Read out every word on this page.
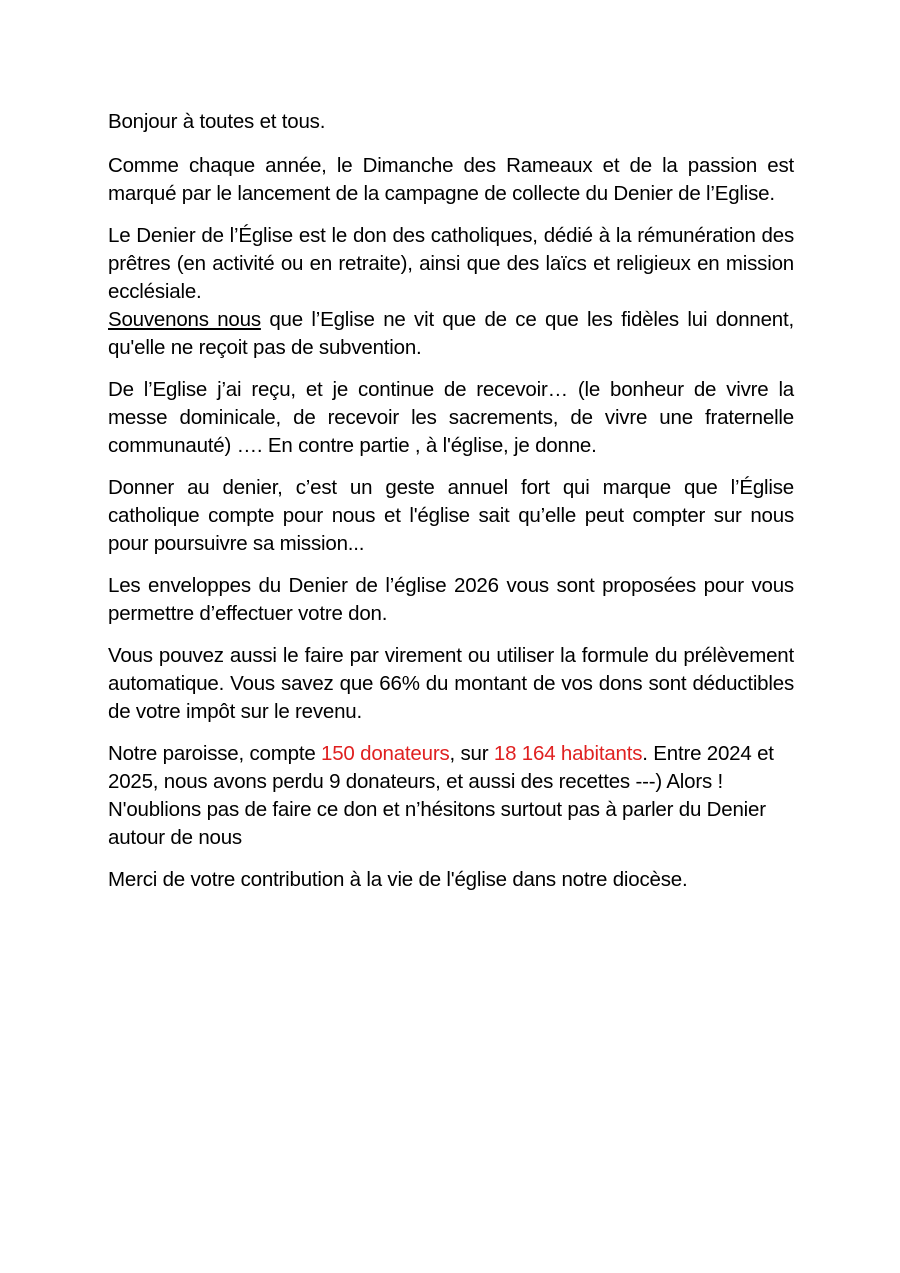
Bonjour à toutes et tous.

Comme chaque année, le Dimanche des Rameaux et de la passion est marqué par le lancement de la campagne de collecte du Denier de l’Eglise.

Le Denier de l’Église est le don des catholiques, dédié à la rémunération des prêtres (en activité ou en retraite), ainsi que des laïcs et religieux en mission ecclésiale.
Souvenons nous que l’Eglise ne vit que de ce que les fidèles lui donnent, qu'elle ne reçoit pas de subvention.

De l’Eglise j’ai reçu, et je continue de recevoir… (le bonheur de vivre la messe dominicale, de recevoir les sacrements, de vivre une fraternelle communauté) …. En contre partie , à l'église, je donne.

Donner au denier, c’est un geste annuel fort qui marque que l’Église catholique compte pour nous et l'église sait qu’elle peut compter sur nous pour poursuivre sa mission...

Les enveloppes du Denier de l’église 2026 vous sont proposées pour vous permettre d’effectuer votre don.

Vous pouvez aussi le faire par virement ou utiliser la formule du prélèvement automatique. Vous savez que 66% du montant de vos dons sont déductibles de votre impôt sur le revenu.

Notre paroisse, compte 150 donateurs, sur 18 164 habitants. Entre 2024 et 2025, nous avons perdu 9 donateurs, et aussi des recettes ---) Alors ! N'oublions pas de faire ce don et n’hésitons surtout pas à parler du Denier autour de nous

Merci de votre contribution à la vie de l'église dans notre diocèse.
